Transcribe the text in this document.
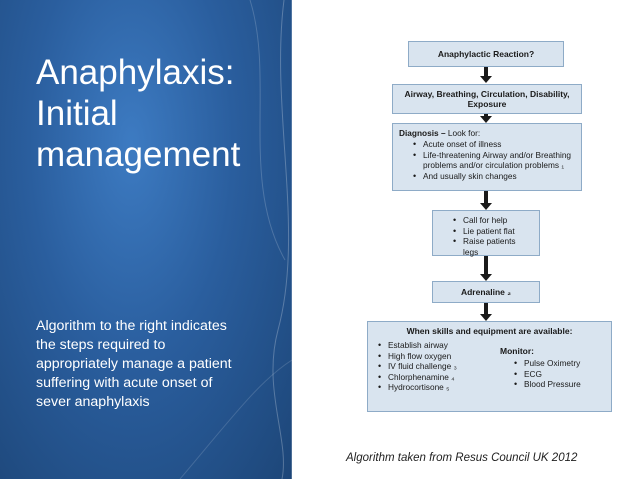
Anaphylaxis:
Initial
management
Algorithm to the right indicates
the steps required to
appropriately manage a patient
suffering with acute onset of
sever anaphylaxis
Anaphylactic Reaction?
Airway, Breathing, Circulation, Disability, Exposure
Diagnosis – Look for:
• Acute onset of illness
• Life-threatening Airway and/or Breathing problems and/or circulation problems ₁
• And usually skin changes
• Call for help
• Lie patient flat
• Raise patients legs
Adrenaline ₂
When skills and equipment are available:
• Establish airway
• High flow oxygen
• IV fluid challenge ₃
• Chlorphenamine ₄
• Hydrocortisone ₅
Monitor:
• Pulse Oximetry
• ECG
• Blood Pressure
Algorithm taken from Resus Council UK 2012
